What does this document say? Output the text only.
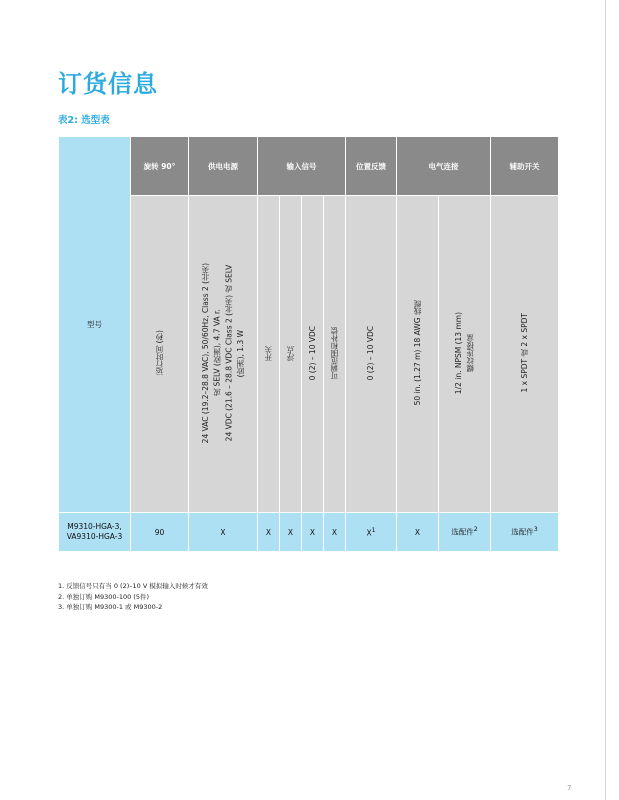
订货信息
表2: 选型表
型号	旋转 90°	供电电源	输入信号				位置反馈	电气连接		辅助开关
	运行时间 (秒)	24 VAC (19.2–28.8 VAC), 50/60Hz, Class 2 (北美) 或 SELV (欧洲), 4.7 VA r. 24 VDC (21.6 – 28.8 VDC Class 2 (北美) 或 SELV (欧洲), 1.3 W	开关	浮点	0 (2) – 10 VDC	可调范围和补偿	0 (2) – 10 VDC	50 in. (1.27 m) 18 AWG 线缆	1/2 in. NPSM (13 mm) 螺纹连接盒	1 x SPDT 或 2 x SPDT
M9310-HGA-3,
VA9310-HGA-3	90	X	X	X	X	X	$X^1$	X	选配件$^2$	选配件$^3$
1. 反馈信号只有当 0 (2)–10 V 模拟输入时候才有效
2. 单独订购 M9300-100 (5件)
3. 单独订购 M9300-1 或 M9300-2
7
